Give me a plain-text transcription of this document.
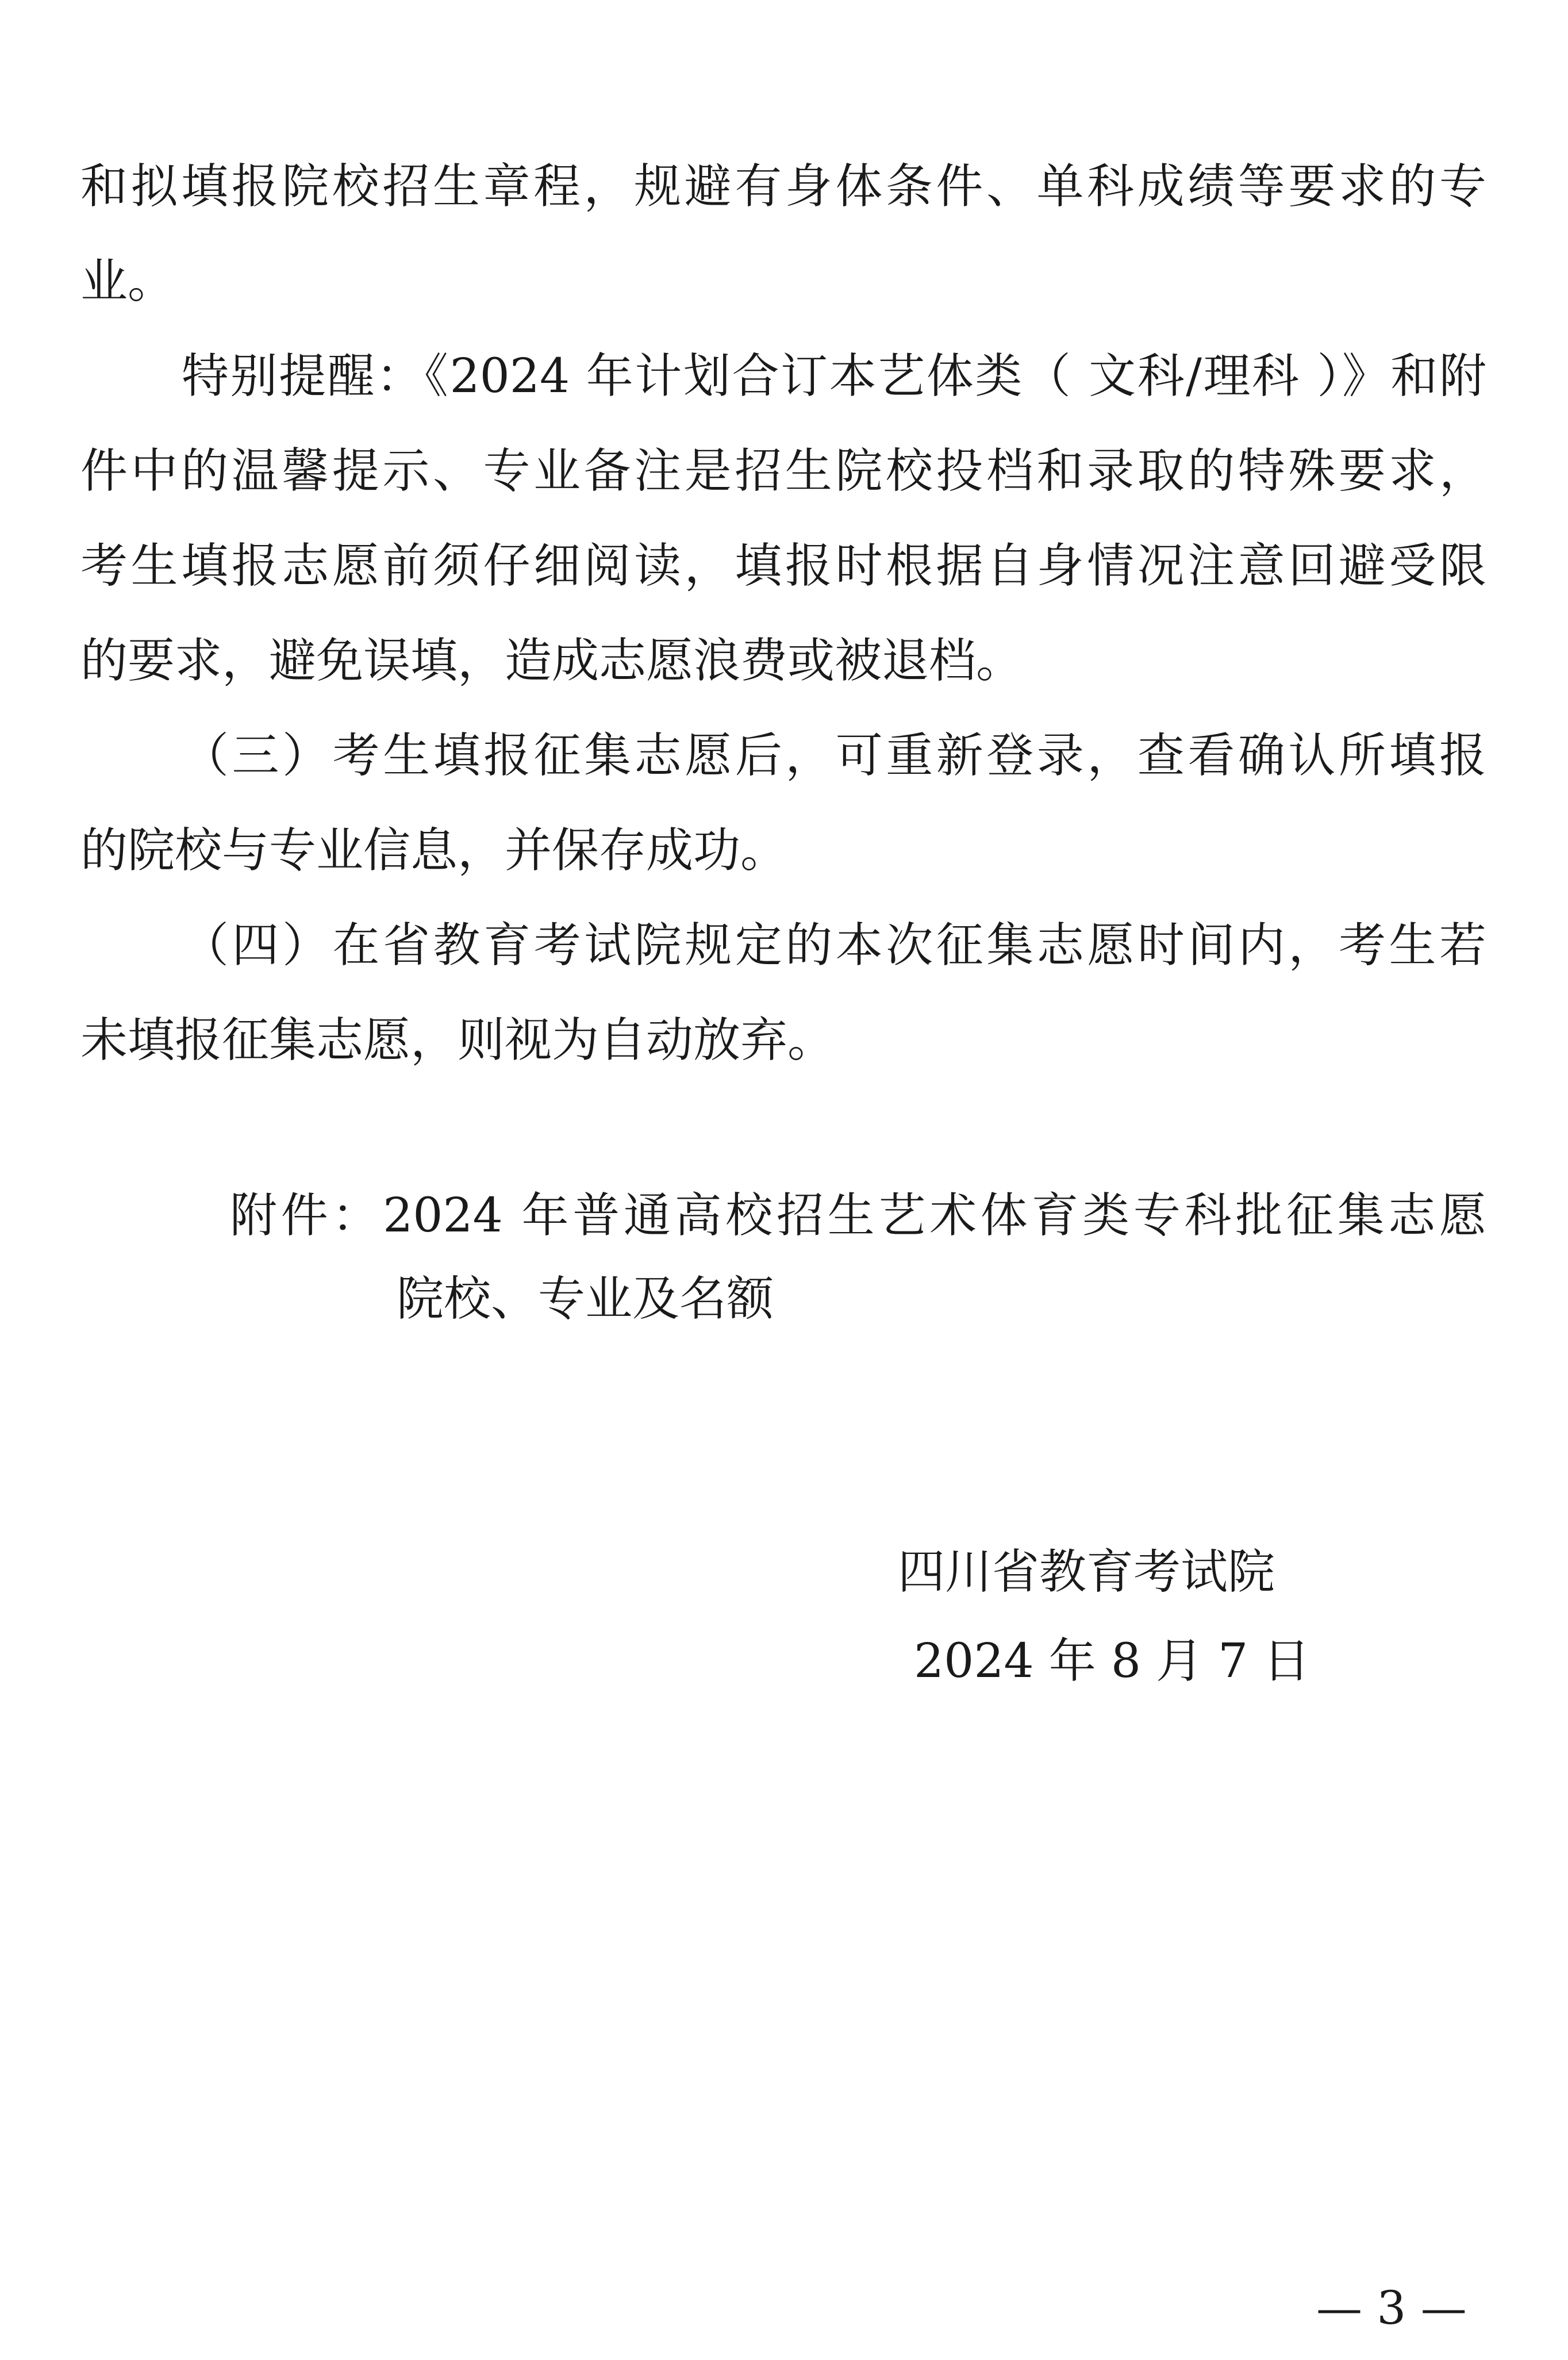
和拟填报院校招生章程，规避有身体条件、单科成绩等要求的专
业。
特别提醒：《2024 年计划合订本艺体类（ 文科/理科 ）》和附
件中的温馨提示、专业备注是招生院校投档和录取的特殊要求，
考生填报志愿前须仔细阅读，填报时根据自身情况注意回避受限
的要求，避免误填，造成志愿浪费或被退档。
（三）考生填报征集志愿后，可重新登录，查看确认所填报
的院校与专业信息，并保存成功。
（四）在省教育考试院规定的本次征集志愿时间内，考生若
未填报征集志愿，则视为自动放弃。
附件：2024 年普通高校招生艺术体育类专科批征集志愿
院校、专业及名额
四川省教育考试院
2024 年 8 月 7 日
— 3 —
